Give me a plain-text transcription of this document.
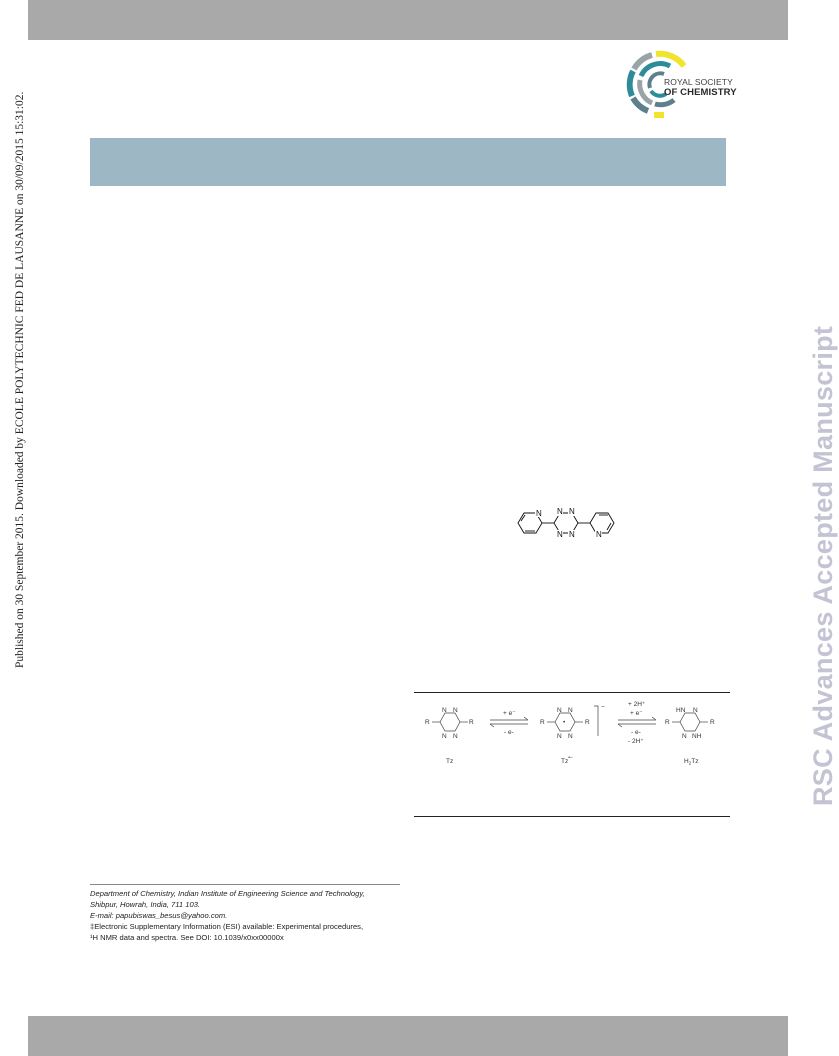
ROYAL SOCIETY
OF CHEMISTRY
Published on 30 September 2015. Downloaded by ECOLE POLYTECHNIC FED DE LAUSANNE on 30/09/2015 15:31:02.	RSC Advances Accepted Manuscript
N N N
N N	N
R	R
N N
N N
Tz
+ e⁻
- e-
R	R
N N
N N
•
−
Tz•−
+ 2H⁺
+ e⁻
- e-
- 2H⁺
R	R
HN N
N NH
$H_2Tz$
Department of Chemistry, Indian Institute of Engineering Science and Technology,
Shibpur, Howrah, India, 711 103.
E-mail: papubiswas_besus@yahoo.com.
‡Electronic Supplementary Information (ESI) available: Experimental procedures,
¹H NMR data and spectra. See DOI: 10.1039/x0xx00000x
